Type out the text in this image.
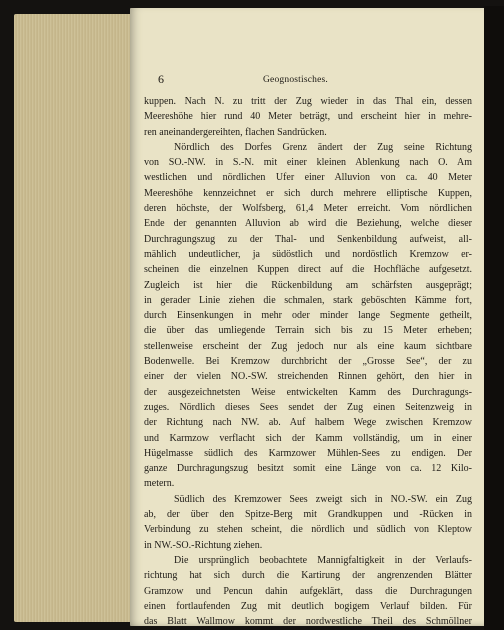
6	Geognostisches.
kuppen. Nach N. zu tritt der Zug wieder in das Thal ein, dessen
Meereshöhe hier rund 40 Meter beträgt, und erscheint hier in mehre-
ren aneinandergereihten, flachen Sandrücken.
Nördlich des Dorfes Grenz ändert der Zug seine Richtung
von SO.-NW. in S.-N. mit einer kleinen Ablenkung nach O. Am
westlichen und nördlichen Ufer einer Alluvion von ca. 40 Meter
Meereshöhe kennzeichnet er sich durch mehrere elliptische Kuppen,
deren höchste, der Wolfsberg, 61,4 Meter erreicht. Vom nördlichen
Ende der genannten Alluvion ab wird die Beziehung, welche dieser
Durchragungszug zu der Thal- und Senkenbildung aufweist, all-
mählich undeutlicher, ja südöstlich und nordöstlich Kremzow er-
scheinen die einzelnen Kuppen direct auf die Hochfläche aufgesetzt.
Zugleich ist hier die Rückenbildung am schärfsten ausgeprägt;
in gerader Linie ziehen die schmalen, stark geböschten Kämme fort,
durch Einsenkungen in mehr oder minder lange Segmente getheilt,
die über das umliegende Terrain sich bis zu 15 Meter erheben;
stellenweise erscheint der Zug jedoch nur als eine kaum sichtbare
Bodenwelle. Bei Kremzow durchbricht der „Grosse See“, der zu
einer der vielen NO.-SW. streichenden Rinnen gehört, den hier in
der ausgezeichnetsten Weise entwickelten Kamm des Durchragungs-
zuges. Nördlich dieses Sees sendet der Zug einen Seitenzweig in
der Richtung nach NW. ab. Auf halbem Wege zwischen Kremzow
und Karmzow verflacht sich der Kamm vollständig, um in einer
Hügelmasse südlich des Karmzower Mühlen-Sees zu endigen. Der
ganze Durchragungszug besitzt somit eine Länge von ca. 12 Kilo-
metern.
Südlich des Kremzower Sees zweigt sich in NO.-SW. ein Zug
ab, der über den Spitze-Berg mit Grandkuppen und -Rücken in
Verbindung zu stehen scheint, die nördlich und südlich von Kleptow
in NW.-SO.-Richtung ziehen.
Die ursprünglich beobachtete Mannigfaltigkeit in der Verlaufs-
richtung hat sich durch die Kartirung der angrenzenden Blätter
Gramzow und Pencun dahin aufgeklärt, dass die Durchragungen
einen fortlaufenden Zug mit deutlich bogigem Verlauf bilden. Für
das Blatt Wallmow kommt der nordwestliche Theil des Schmöllner
